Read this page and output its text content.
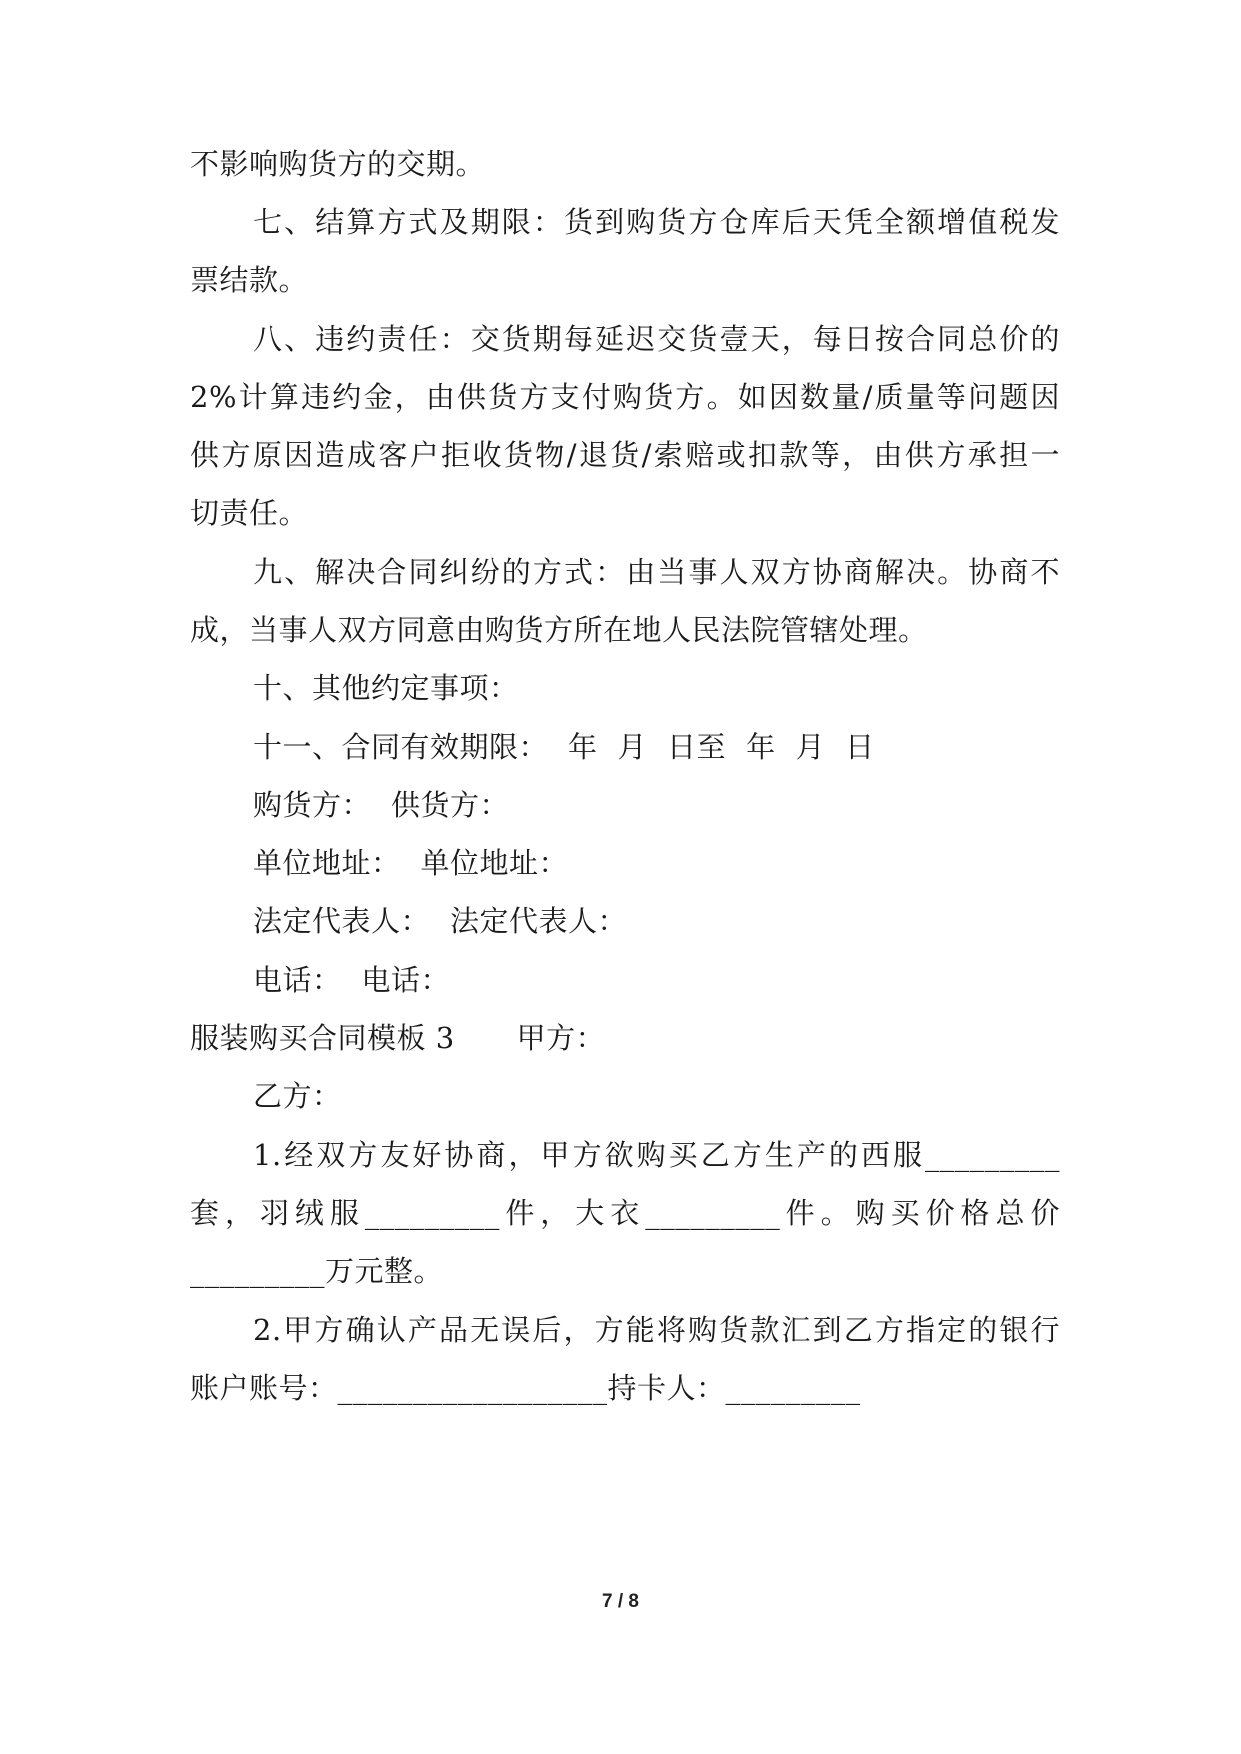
不影响购货方的交期。
七、结算方式及期限：货到购货方仓库后天凭全额增值税发
票结款。
八、违约责任：交货期每延迟交货壹天，每日按合同总价的
2%计算违约金，由供货方支付购货方。如因数量/质量等问题因
供方原因造成客户拒收货物/退货/索赔或扣款等，由供方承担一
切责任。
九、解决合同纠纷的方式：由当事人双方协商解决。协商不
成，当事人双方同意由购货方所在地人民法院管辖处理。
十、其他约定事项：
十一、合同有效期限： 年 月 日至 年 月 日
购货方： 供货方：
单位地址： 单位地址：
法定代表人： 法定代表人：
电话： 电话：
服装购买合同模板 3 甲方：
乙方：
1.经双方友好协商，甲方欲购买乙方生产的西服_________
套，羽绒服_________件，大衣_________件。购买价格总价
_________万元整。
2.甲方确认产品无误后，方能将购货款汇到乙方指定的银行
账户账号：__________________持卡人：_________
7 / 8
